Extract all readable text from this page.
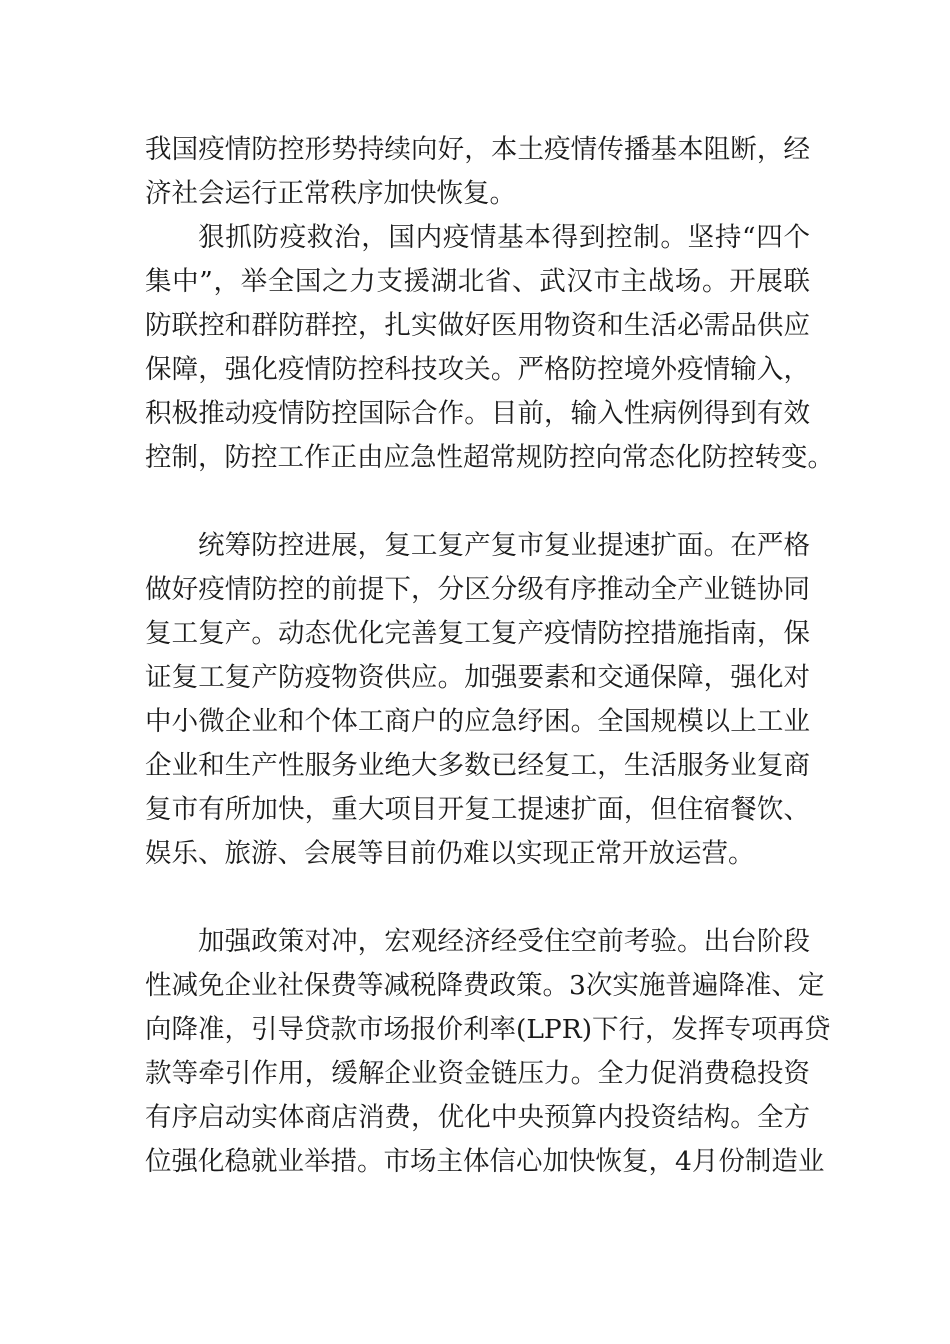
我国疫情防控形势持续向好，本土疫情传播基本阻断，经
济社会运行正常秩序加快恢复。
狠抓防疫救治，国内疫情基本得到控制。坚持“四个
集中”，举全国之力支援湖北省、武汉市主战场。开展联
防联控和群防群控，扎实做好医用物资和生活必需品供应
保障，强化疫情防控科技攻关。严格防控境外疫情输入，
积极推动疫情防控国际合作。目前，输入性病例得到有效
控制，防控工作正由应急性超常规防控向常态化防控转变。
统筹防控进展，复工复产复市复业提速扩面。在严格
做好疫情防控的前提下，分区分级有序推动全产业链协同
复工复产。动态优化完善复工复产疫情防控措施指南，保
证复工复产防疫物资供应。加强要素和交通保障，强化对
中小微企业和个体工商户的应急纾困。全国规模以上工业
企业和生产性服务业绝大多数已经复工，生活服务业复商
复市有所加快，重大项目开复工提速扩面，但住宿餐饮、
娱乐、旅游、会展等目前仍难以实现正常开放运营。
加强政策对冲，宏观经济经受住空前考验。出台阶段
性减免企业社保费等减税降费政策。3次实施普遍降准、定
向降准，引导贷款市场报价利率(LPR)下行，发挥专项再贷
款等牵引作用，缓解企业资金链压力。全力促消费稳投资
有序启动实体商店消费，优化中央预算内投资结构。全方
位强化稳就业举措。市场主体信心加快恢复，4月份制造业
